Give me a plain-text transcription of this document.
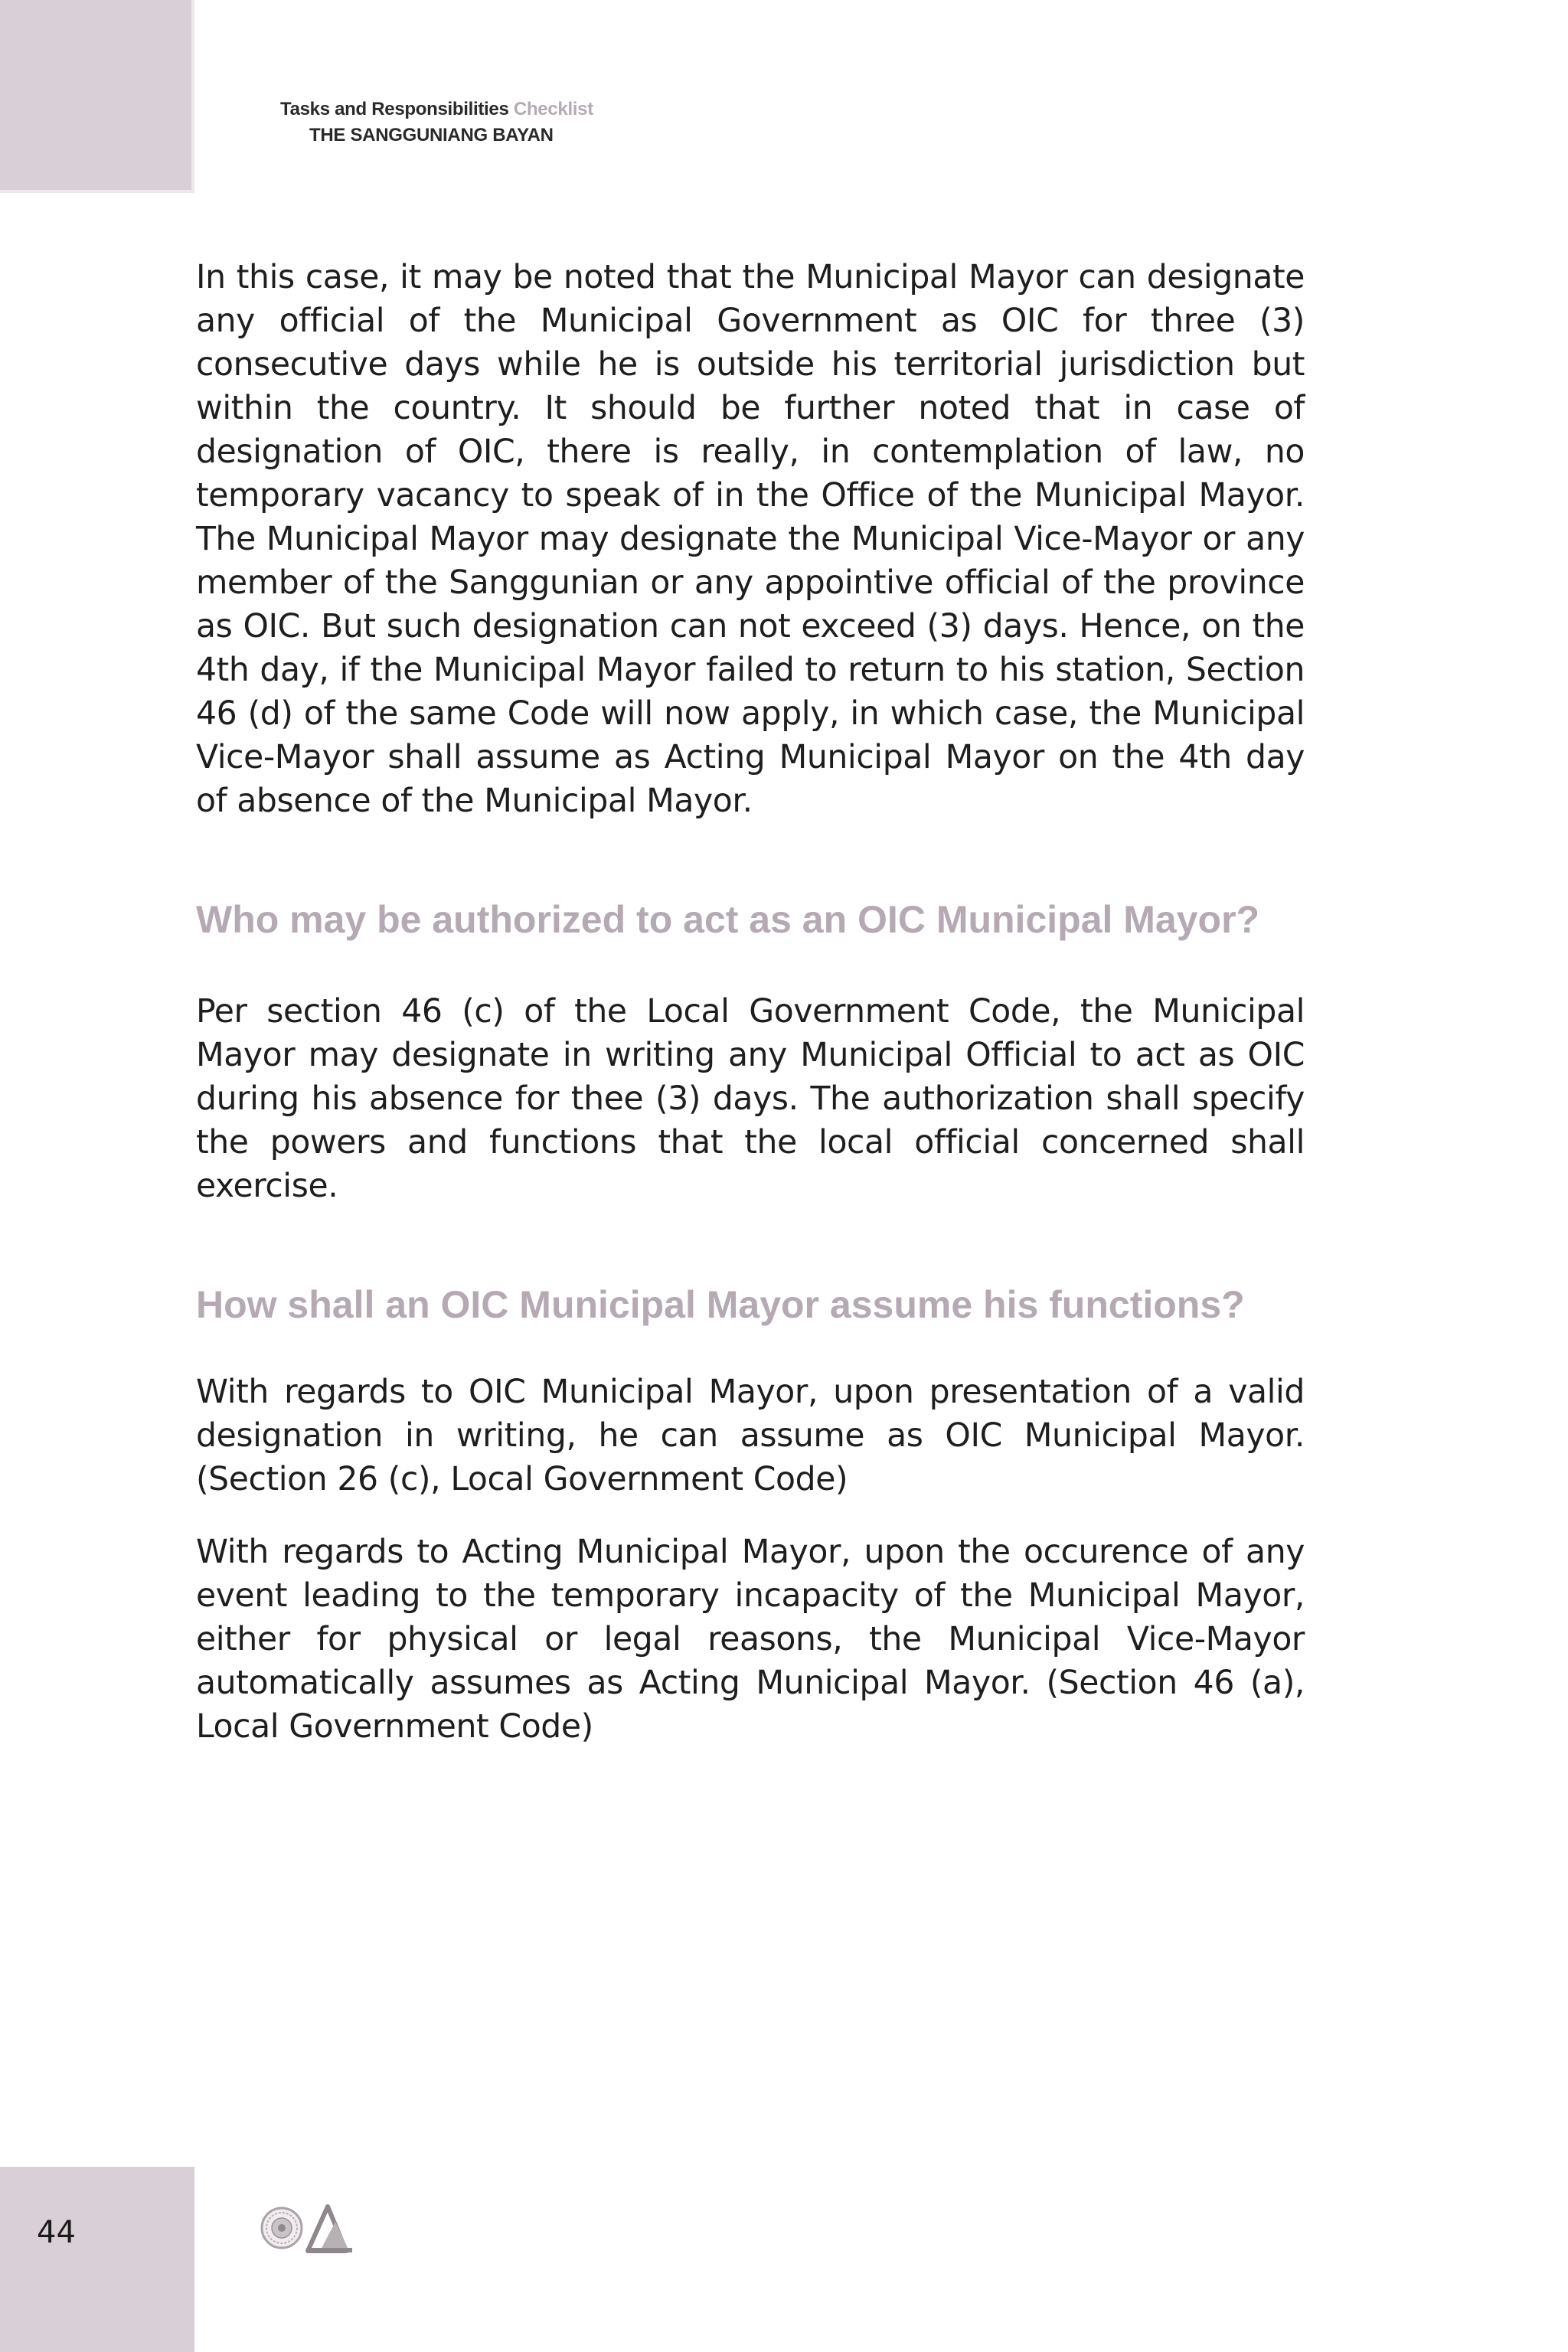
Tasks and Responsibilities Checklist
THE SANGGUNIANG BAYAN

In this case, it may be noted that the Municipal Mayor can designate any official of the Municipal Government as OIC for three (3) consecutive days while he is outside his territorial jurisdiction but within the country. It should be further noted that in case of designation of OIC, there is really, in contemplation of law, no temporary vacancy to speak of in the Office of the Municipal Mayor. The Municipal Mayor may designate the Municipal Vice-Mayor or any member of the Sanggunian or any appointive official of the province as OIC. But such designation can not exceed (3) days. Hence, on the 4th day, if the Municipal Mayor failed to return to his station, Section 46 (d) of the same Code will now apply, in which case, the Municipal Vice-Mayor shall assume as Acting Municipal Mayor on the 4th day of absence of the Municipal Mayor.

Who may be authorized to act as an OIC Municipal Mayor?

Per section 46 (c) of the Local Government Code, the Municipal Mayor may designate in writing any Municipal Official to act as OIC during his absence for thee (3) days. The authorization shall specify the powers and functions that the local official concerned shall exercise.

How shall an OIC Municipal Mayor assume his functions?

With regards to OIC Municipal Mayor, upon presentation of a valid designation in writing, he can assume as OIC Municipal Mayor. (Section 26 (c), Local Government Code)

With regards to Acting Municipal Mayor, upon the occurence of any event leading to the temporary incapacity of the Municipal Mayor, either for physical or legal reasons, the Municipal Vice-Mayor automatically assumes as Acting Municipal Mayor. (Section 46 (a), Local Government Code)

44
